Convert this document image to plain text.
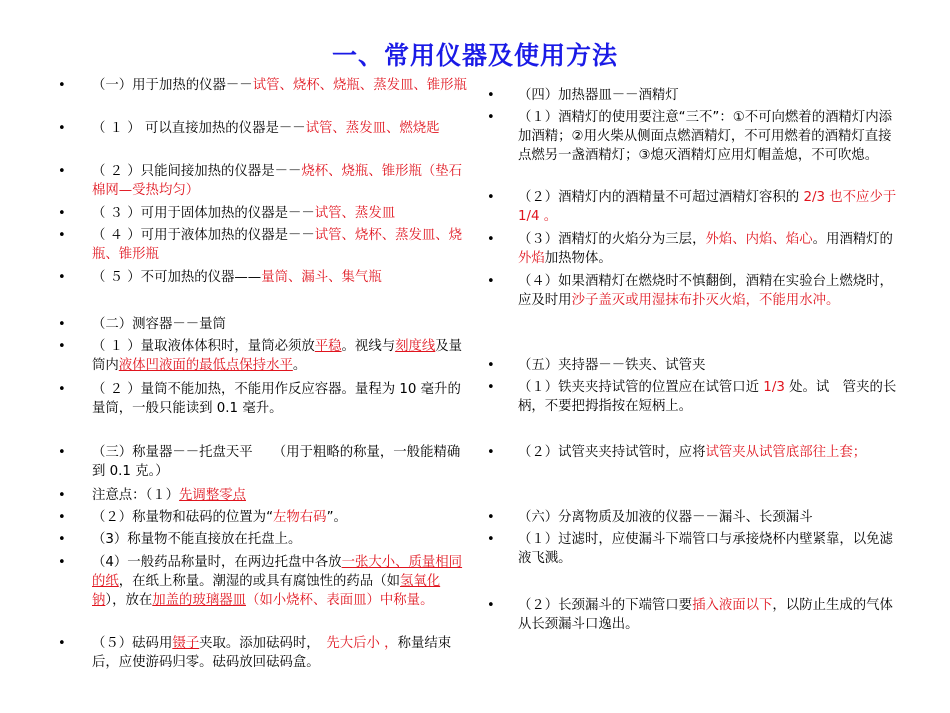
一、常用仪器及使用方法
• （一）用于加热的仪器－－试管、烧杯、烧瓶、蒸发皿、锥形瓶
• （ １ ） 可以直接加热的仪器是－－试管、蒸发皿、燃烧匙
• （ ２ ）只能间接加热的仪器是－－烧杯、烧瓶、锥形瓶（垫石棉网—受热均匀）
• （ ３ ）可用于固体加热的仪器是－－试管、蒸发皿
• （ ４ ）可用于液体加热的仪器是－－试管、烧杯、蒸发皿、烧瓶、锥形瓶
• （ ５ ）不可加热的仪器——量筒、漏斗、集气瓶
• （二）测容器－－量筒
• （ １ ）量取液体体积时，量筒必须放平稳。视线与刻度线及量筒内液体凹液面的最低点保持水平。
• （ ２ ）量筒不能加热，不能用作反应容器。量程为 10 毫升的量筒，一般只能读到 0.1 毫升。
• （三）称量器－－托盘天平　　（用于粗略的称量，一般能精确到 0.1 克。）
• 注意点：（１）先调整零点
• （２）称量物和砝码的位置为“左物右码”。
• （3）称量物不能直接放在托盘上。
• （4）一般药品称量时，在两边托盘中各放一张大小、质量相同的纸，在纸上称量。潮湿的或具有腐蚀性的药品（如氢氧化钠），放在加盖的玻璃器皿（如小烧杯、表面皿）中称量。
• （５）砝码用镊子夹取。添加砝码时，　先大后小 ，称量结束后，应使游码归零。砝码放回砝码盒。
• （四）加热器皿－－酒精灯
• （１）酒精灯的使用要注意“三不”：①不可向燃着的酒精灯内添加酒精；②用火柴从侧面点燃酒精灯，不可用燃着的酒精灯直接点燃另一盏酒精灯；③熄灭酒精灯应用灯帽盖熄，不可吹熄。
• （２）酒精灯内的酒精量不可超过酒精灯容积的 2/3 也不应少于 1/4 。
• （３）酒精灯的火焰分为三层，外焰、内焰、焰心。用酒精灯的外焰加热物体。
• （４）如果酒精灯在燃烧时不慎翻倒，酒精在实验台上燃烧时，应及时用沙子盖灭或用湿抹布扑灭火焰，不能用水冲。
• （五）夹持器－－铁夹、试管夹
• （１）铁夹夹持试管的位置应在试管口近 1/3 处。试　管夹的长柄，不要把拇指按在短柄上。
• （２）试管夹夹持试管时，应将试管夹从试管底部往上套；
• （六）分离物质及加液的仪器－－漏斗、长颈漏斗
• （１）过滤时，应使漏斗下端管口与承接烧杯内壁紧靠，以免滤液飞溅。
• （２）长颈漏斗的下端管口要插入液面以下，以防止生成的气体从长颈漏斗口逸出。
